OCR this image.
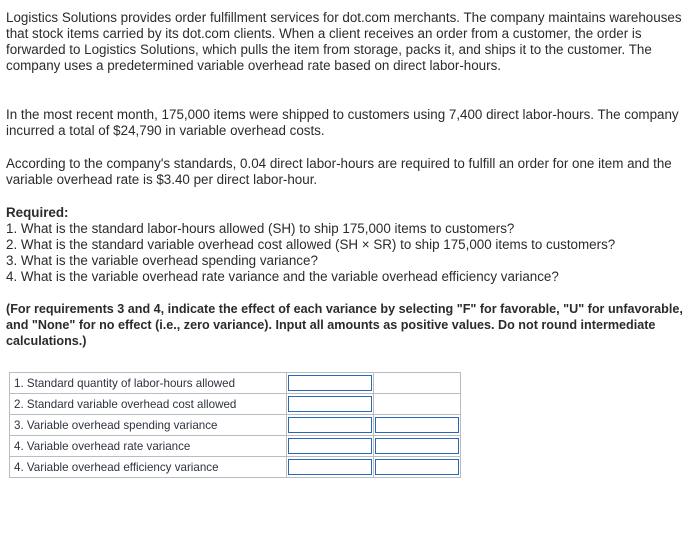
Logistics Solutions provides order fulfillment services for dot.com merchants. The company maintains warehouses that stock items carried by its dot.com clients. When a client receives an order from a customer, the order is forwarded to Logistics Solutions, which pulls the item from storage, packs it, and ships it to the customer. The company uses a predetermined variable overhead rate based on direct labor-hours.

In the most recent month, 175,000 items were shipped to customers using 7,400 direct labor-hours. The company incurred a total of $24,790 in variable overhead costs.

According to the company's standards, 0.04 direct labor-hours are required to fulfill an order for one item and the variable overhead rate is $3.40 per direct labor-hour.

Required:
1. What is the standard labor-hours allowed (SH) to ship 175,000 items to customers?
2. What is the standard variable overhead cost allowed (SH × SR) to ship 175,000 items to customers?
3. What is the variable overhead spending variance?
4. What is the variable overhead rate variance and the variable overhead efficiency variance?

(For requirements 3 and 4, indicate the effect of each variance by selecting "F" for favorable, "U" for unfavorable, and "None" for no effect (i.e., zero variance). Input all amounts as positive values. Do not round intermediate calculations.)

1. Standard quantity of labor-hours allowed	

2. Standard variable overhead cost allowed	

3. Variable overhead spending variance	

4. Variable overhead rate variance	

4. Variable overhead efficiency variance	
